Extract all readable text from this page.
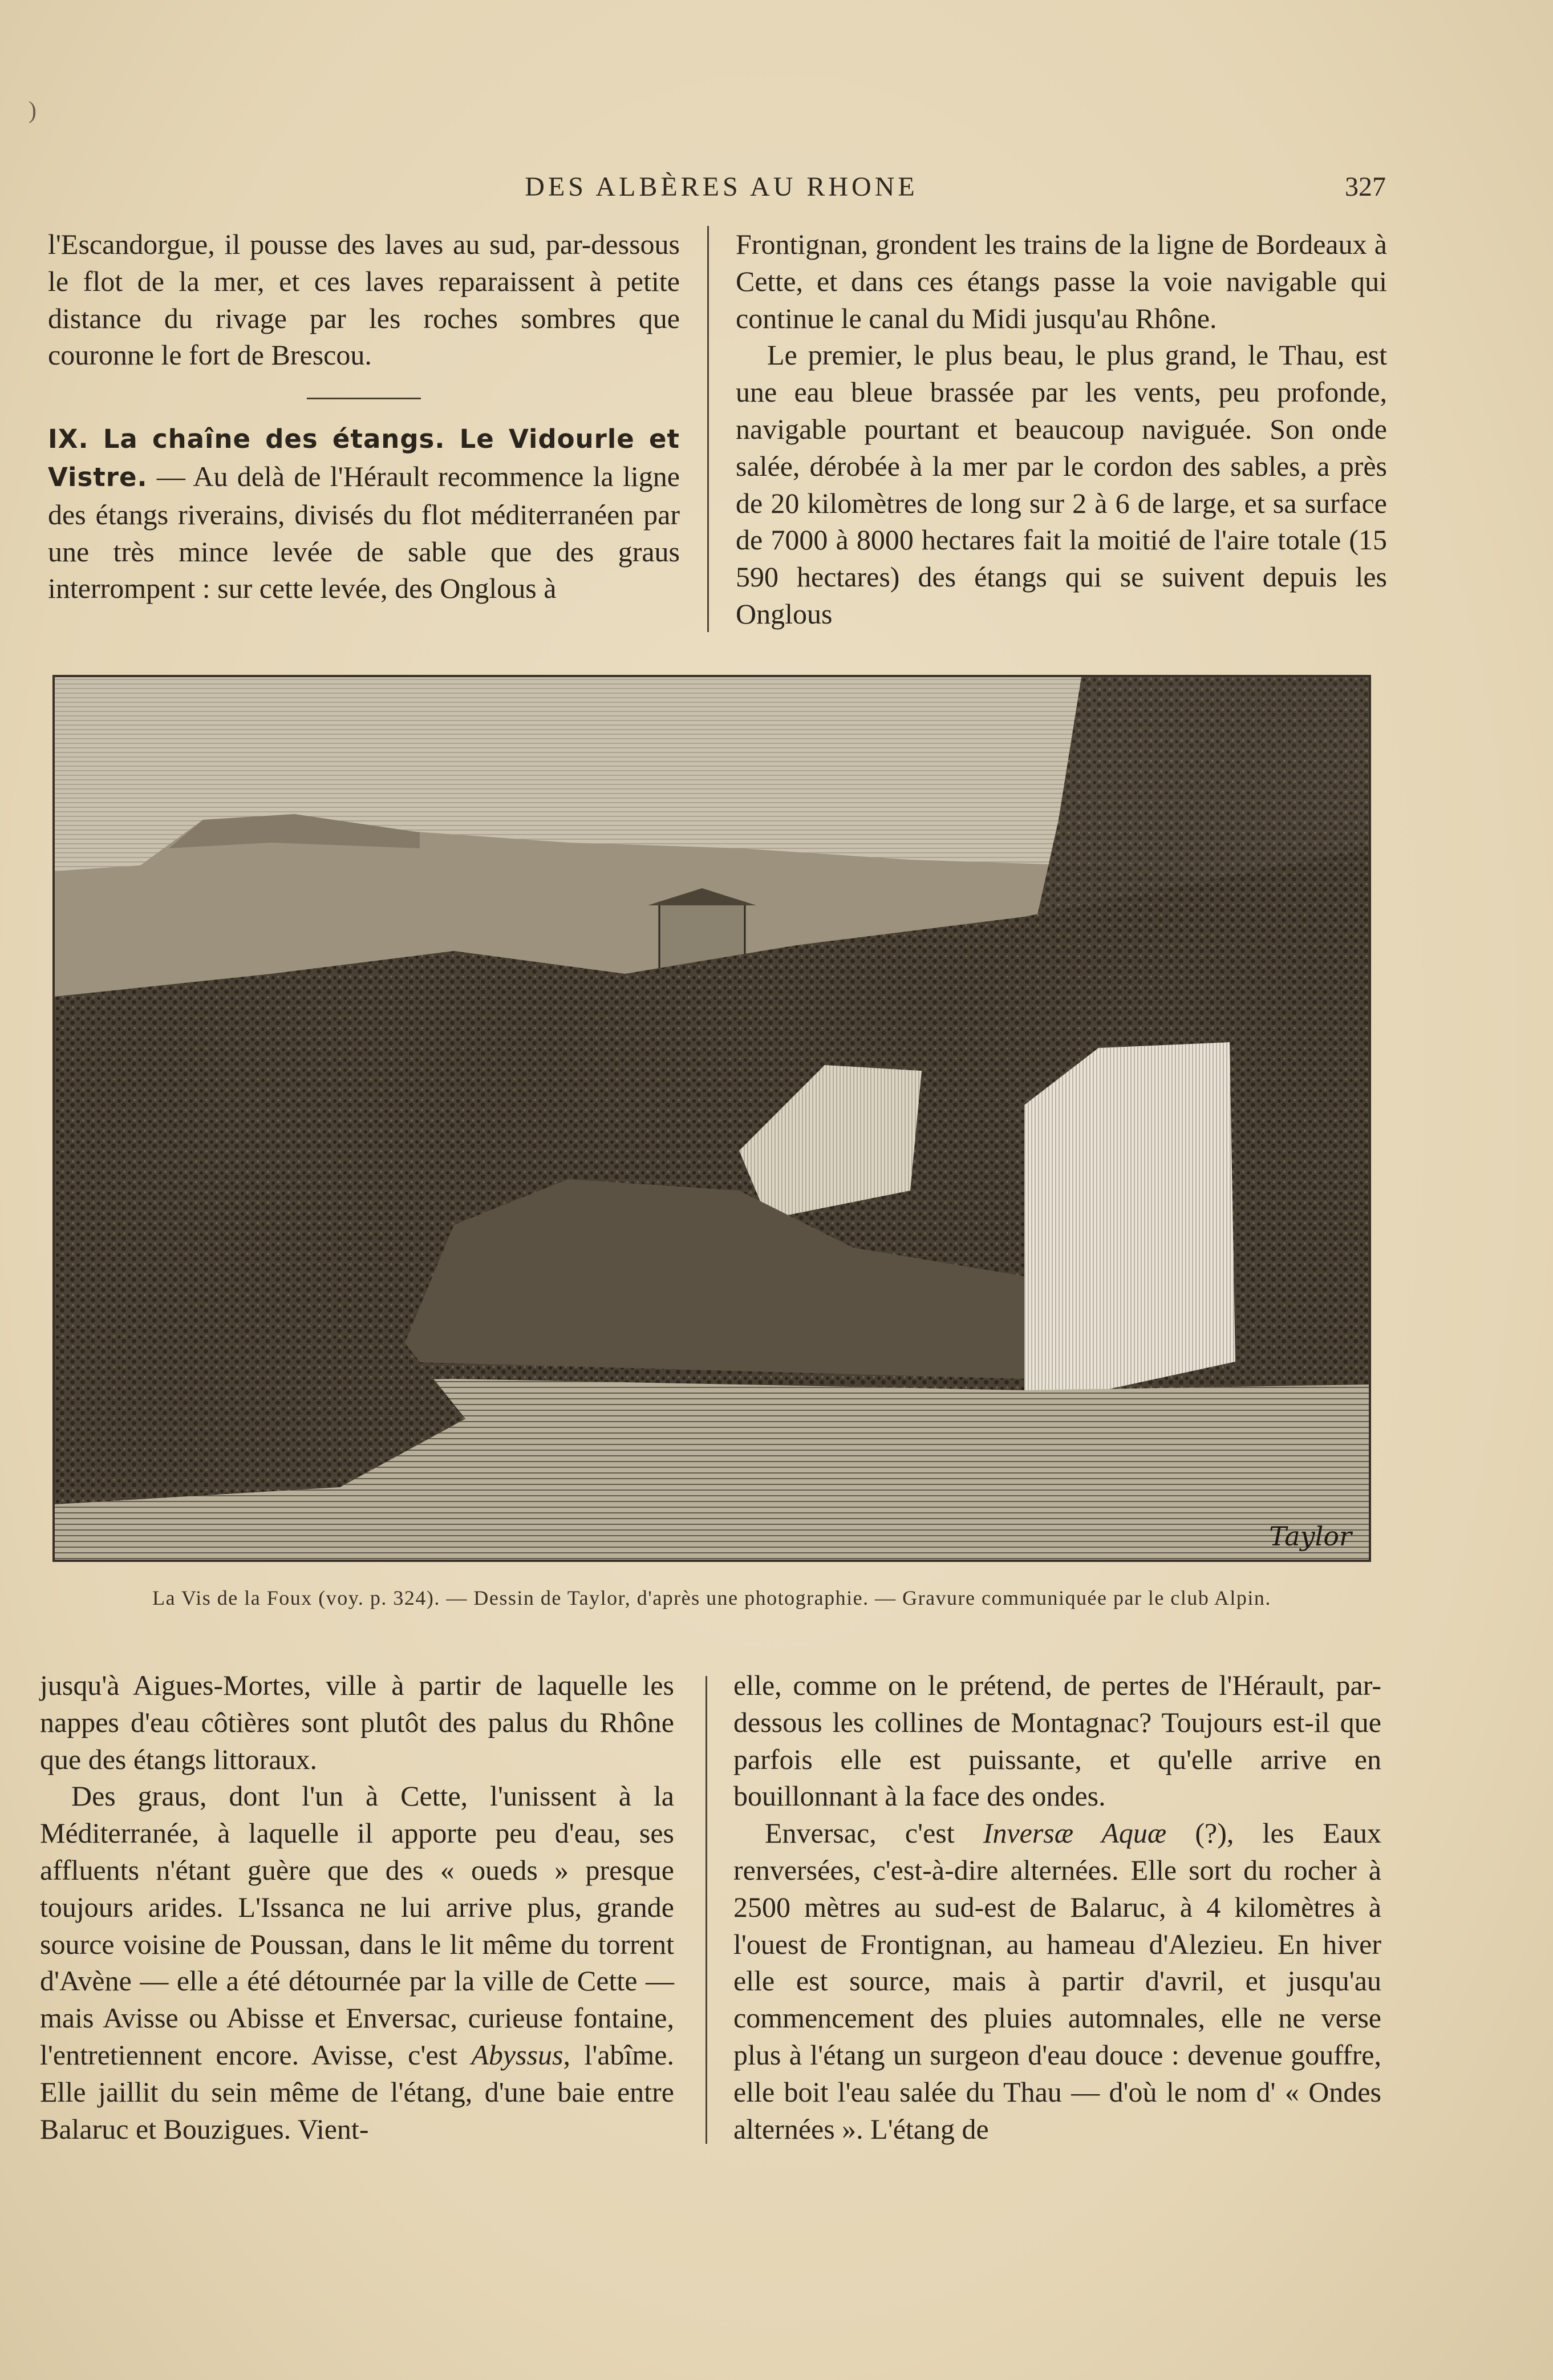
)
DES ALBÈRES AU RHONE	327

l'Escandorgue, il pousse des laves au sud, par-dessous le flot de la mer, et ces laves reparaissent à petite distance du rivage par les roches sombres que couronne le fort de Brescou.

IX. La chaîne des étangs. Le Vidourle et Vistre. — Au delà de l'Hérault recommence la ligne des étangs riverains, divisés du flot méditerranéen par une très mince levée de sable que des graus interrompent : sur cette levée, des Onglous à

Frontignan, grondent les trains de la ligne de Bordeaux à Cette, et dans ces étangs passe la voie navigable qui continue le canal du Midi jusqu'au Rhône.

Le premier, le plus beau, le plus grand, le Thau, est une eau bleue brassée par les vents, peu profonde, navigable pourtant et beaucoup naviguée. Son onde salée, dérobée à la mer par le cordon des sables, a près de 20 kilomètres de long sur 2 à 6 de large, et sa surface de 7000 à 8000 hectares fait la moitié de l'aire totale (15 590 hectares) des étangs qui se suivent depuis les Onglous

Taylor
La Vis de la Foux (voy. p. 324). — Dessin de Taylor, d'après une photographie. — Gravure communiquée par le club Alpin.

jusqu'à Aigues-Mortes, ville à partir de laquelle les nappes d'eau côtières sont plutôt des palus du Rhône que des étangs littoraux.

Des graus, dont l'un à Cette, l'unissent à la Méditerranée, à laquelle il apporte peu d'eau, ses affluents n'étant guère que des « oueds » presque toujours arides. L'Issanca ne lui arrive plus, grande source voisine de Poussan, dans le lit même du torrent d'Avène — elle a été détournée par la ville de Cette — mais Avisse ou Abisse et Enversac, curieuse fontaine, l'entretiennent encore. Avisse, c'est Abyssus, l'abîme. Elle jaillit du sein même de l'étang, d'une baie entre Balaruc et Bouzigues. Vient-

elle, comme on le prétend, de pertes de l'Hérault, par-dessous les collines de Montagnac? Toujours est-il que parfois elle est puissante, et qu'elle arrive en bouillonnant à la face des ondes.

Enversac, c'est Inversæ Aquæ (?), les Eaux renversées, c'est-à-dire alternées. Elle sort du rocher à 2500 mètres au sud-est de Balaruc, à 4 kilomètres à l'ouest de Frontignan, au hameau d'Alezieu. En hiver elle est source, mais à partir d'avril, et jusqu'au commencement des pluies automnales, elle ne verse plus à l'étang un surgeon d'eau douce : devenue gouffre, elle boit l'eau salée du Thau — d'où le nom d' « Ondes alternées ». L'étang de
